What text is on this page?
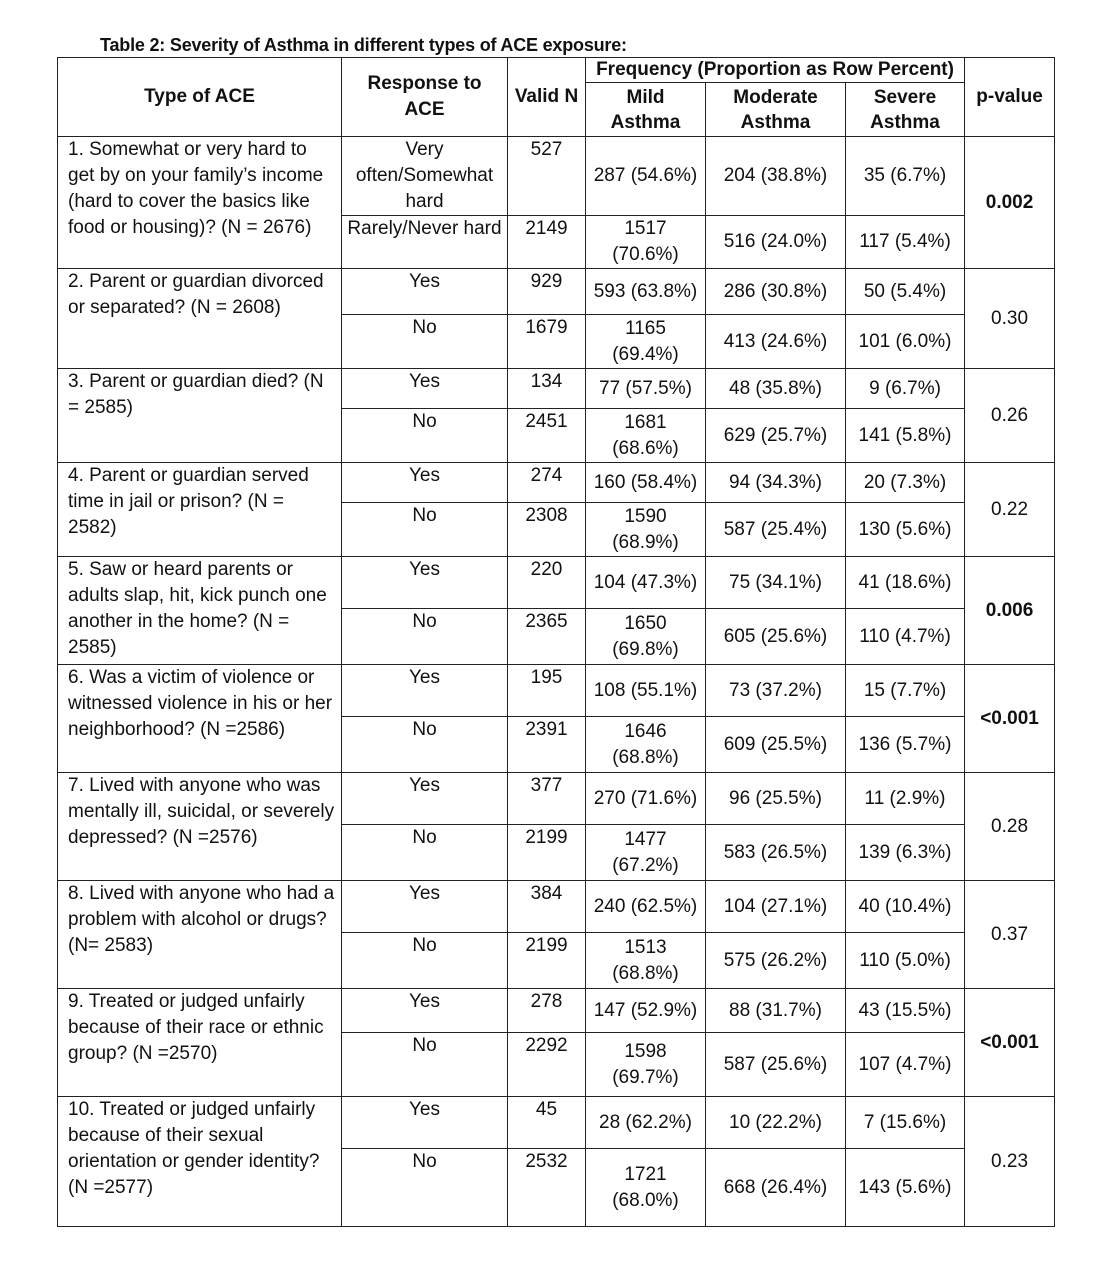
Table 2: Severity of Asthma in different types of ACE exposure:
Type of ACE	Response to ACE	Valid N	Frequency (Proportion as Row Percent)			p-value
			Mild Asthma	Moderate Asthma	Severe Asthma	
1. Somewhat or very hard to get by on your family’s income (hard to cover the basics like food or housing)? (N = 2676)	Very often/Somewhat hard	527	287 (54.6%)	204 (38.8%)	35 (6.7%)	0.002
	Rarely/Never hard	2149	1517 (70.6%)	516 (24.0%)	117 (5.4%)	
2. Parent or guardian divorced or separated? (N = 2608)	Yes	929	593 (63.8%)	286 (30.8%)	50 (5.4%)	0.30
	No	1679	1165 (69.4%)	413 (24.6%)	101 (6.0%)	
3. Parent or guardian died? (N = 2585)	Yes	134	77 (57.5%)	48 (35.8%)	9 (6.7%)	0.26
	No	2451	1681 (68.6%)	629 (25.7%)	141 (5.8%)	
4. Parent or guardian served time in jail or prison? (N = 2582)	Yes	274	160 (58.4%)	94 (34.3%)	20 (7.3%)	0.22
	No	2308	1590 (68.9%)	587 (25.4%)	130 (5.6%)	
5. Saw or heard parents or adults slap, hit, kick punch one another in the home? (N = 2585)	Yes	220	104 (47.3%)	75 (34.1%)	41 (18.6%)	0.006
	No	2365	1650 (69.8%)	605 (25.6%)	110 (4.7%)	
6. Was a victim of violence or witnessed violence in his or her neighborhood? (N =2586)	Yes	195	108 (55.1%)	73 (37.2%)	15 (7.7%)	<0.001
	No	2391	1646 (68.8%)	609 (25.5%)	136 (5.7%)	
7. Lived with anyone who was mentally ill, suicidal, or severely depressed? (N =2576)	Yes	377	270 (71.6%)	96 (25.5%)	11 (2.9%)	0.28
	No	2199	1477 (67.2%)	583 (26.5%)	139 (6.3%)	
8. Lived with anyone who had a problem with alcohol or drugs? (N= 2583)	Yes	384	240 (62.5%)	104 (27.1%)	40 (10.4%)	0.37
	No	2199	1513 (68.8%)	575 (26.2%)	110 (5.0%)	
9. Treated or judged unfairly because of their race or ethnic group? (N =2570)	Yes	278	147 (52.9%)	88 (31.7%)	43 (15.5%)	<0.001
	No	2292	1598 (69.7%)	587 (25.6%)	107 (4.7%)	
10. Treated or judged unfairly because of their sexual orientation or gender identity? (N =2577)	Yes	45	28 (62.2%)	10 (22.2%)	7 (15.6%)	0.23
	No	2532	1721 (68.0%)	668 (26.4%)	143 (5.6%)	
